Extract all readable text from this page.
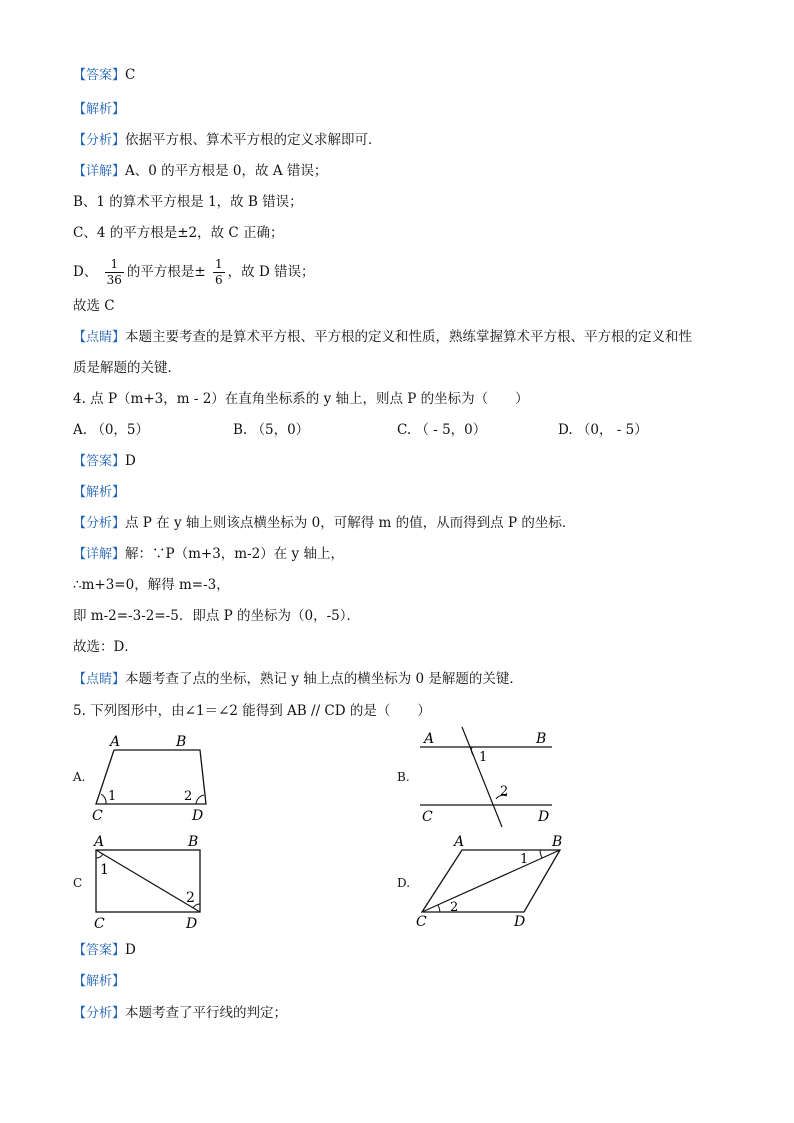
【答案】C
【解析】
【分析】依据平方根、算术平方根的定义求解即可．
【详解】A、0 的平方根是 0，故 A 错误；
B、1 的算术平方根是 1，故 B 错误；
C、4 的平方根是±2，故 C 正确；
D、 $\frac{1}{36}$ 的平方根是± $\frac{1}{6}$ ，故 D 错误；
故选 C
【点睛】本题主要考查的是算术平方根、平方根的定义和性质，熟练掌握算术平方根、平方根的定义和性
质是解题的关键．
4. 点 P（m+3，m - 2）在直角坐标系的 y 轴上，则点 P 的坐标为（　　）
A. （0，5）	B. （5，0）	C. （ - 5，0）	D. （0， - 5）
【答案】D
【解析】
【分析】点 P 在 y 轴上则该点横坐标为 0，可解得 m 的值，从而得到点 P 的坐标．
【详解】解：∵P（m+3，m-2）在 y 轴上，
∴m+3=0，解得 m=-3，
即 m-2=-3-2=-5．即点 P 的坐标为（0，-5）．
故选：D．
【点睛】本题考查了点的坐标，熟记 y 轴上点的横坐标为 0 是解题的关键．
5. 下列图形中，由∠1＝∠2 能得到 AB // CD 的是（　　）
A.
A	B
C	D
1	2
B.
A	B
C	D
1
2
C
A	B
C	D
1
2
D.
A	B
C	D
1
2
【答案】D
【解析】
【分析】本题考查了平行线的判定；
